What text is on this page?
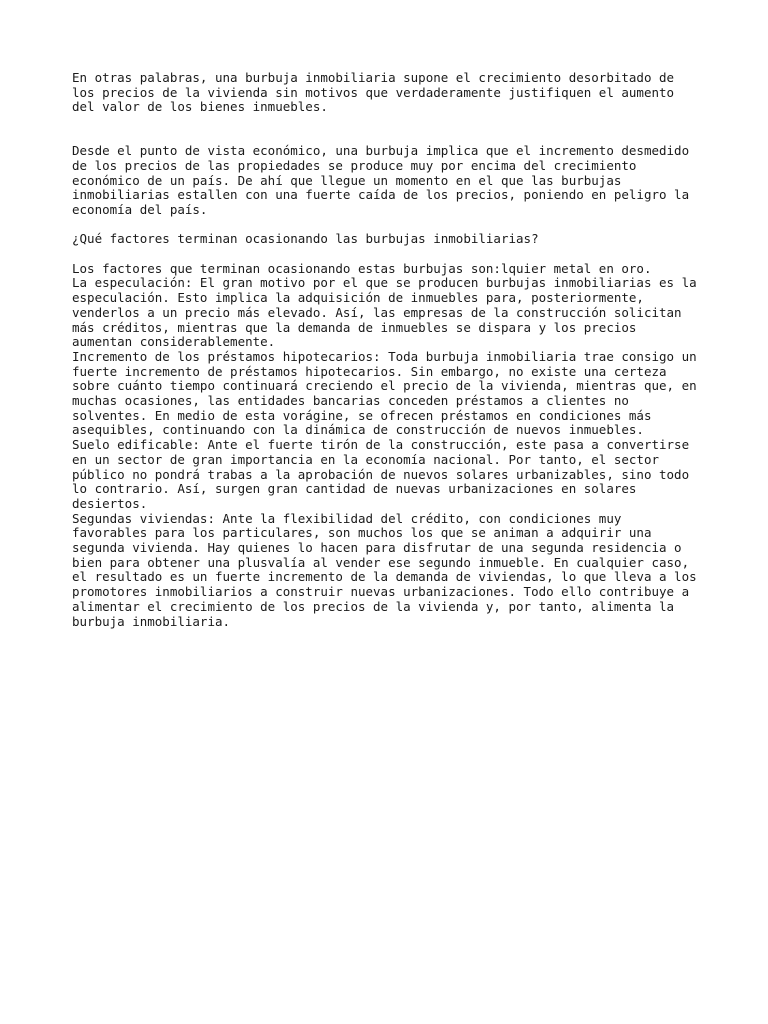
En otras palabras, una burbuja inmobiliaria supone el crecimiento desorbitado de
los precios de la vivienda sin motivos que verdaderamente justifiquen el aumento
del valor de los bienes inmuebles.

Desde el punto de vista económico, una burbuja implica que el incremento desmedido
de los precios de las propiedades se produce muy por encima del crecimiento
económico de un país. De ahí que llegue un momento en el que las burbujas
inmobiliarias estallen con una fuerte caída de los precios, poniendo en peligro la
economía del país.

¿Qué factores terminan ocasionando las burbujas inmobiliarias?

Los factores que terminan ocasionando estas burbujas son:lquier metal en oro.

La especulación: El gran motivo por el que se producen burbujas inmobiliarias es la
especulación. Esto implica la adquisición de inmuebles para, posteriormente,
venderlos a un precio más elevado. Así, las empresas de la construcción solicitan
más créditos, mientras que la demanda de inmuebles se dispara y los precios
aumentan considerablemente.

Incremento de los préstamos hipotecarios: Toda burbuja inmobiliaria trae consigo un
fuerte incremento de préstamos hipotecarios. Sin embargo, no existe una certeza
sobre cuánto tiempo continuará creciendo el precio de la vivienda, mientras que, en
muchas ocasiones, las entidades bancarias conceden préstamos a clientes no
solventes. En medio de esta vorágine, se ofrecen préstamos en condiciones más
asequibles, continuando con la dinámica de construcción de nuevos inmuebles.

Suelo edificable: Ante el fuerte tirón de la construcción, este pasa a convertirse
en un sector de gran importancia en la economía nacional. Por tanto, el sector
público no pondrá trabas a la aprobación de nuevos solares urbanizables, sino todo
lo contrario. Así, surgen gran cantidad de nuevas urbanizaciones en solares
desiertos.

Segundas viviendas: Ante la flexibilidad del crédito, con condiciones muy
favorables para los particulares, son muchos los que se animan a adquirir una
segunda vivienda. Hay quienes lo hacen para disfrutar de una segunda residencia o
bien para obtener una plusvalía al vender ese segundo inmueble. En cualquier caso,
el resultado es un fuerte incremento de la demanda de viviendas, lo que lleva a los
promotores inmobiliarios a construir nuevas urbanizaciones. Todo ello contribuye a
alimentar el crecimiento de los precios de la vivienda y, por tanto, alimenta la
burbuja inmobiliaria.
